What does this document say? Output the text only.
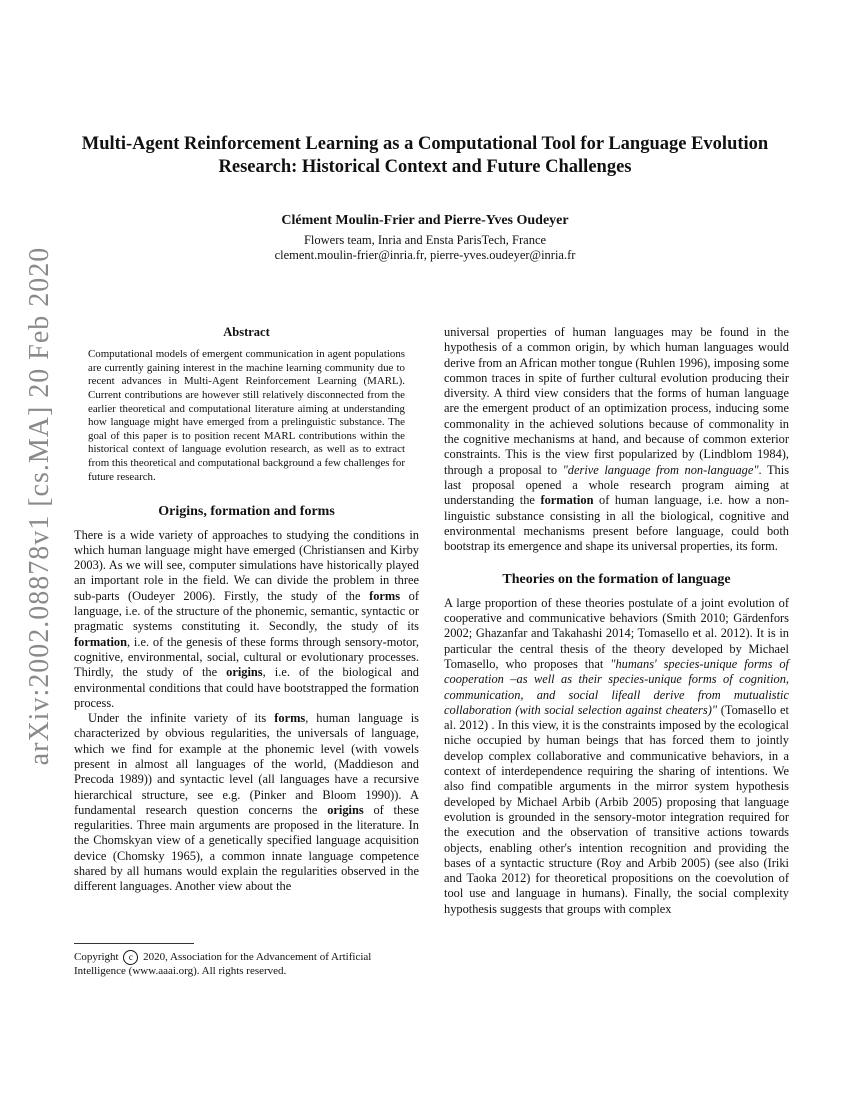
arXiv:2002.08878v1 [cs.MA] 20 Feb 2020
Multi-Agent Reinforcement Learning as a Computational Tool for Language Evolution Research: Historical Context and Future Challenges
Clément Moulin-Frier and Pierre-Yves Oudeyer
Flowers team, Inria and Ensta ParisTech, France
clement.moulin-frier@inria.fr, pierre-yves.oudeyer@inria.fr
Abstract

Computational models of emergent communication in agent populations are currently gaining interest in the machine learning community due to recent advances in Multi-Agent Reinforcement Learning (MARL). Current contributions are however still relatively disconnected from the earlier theoretical and computational literature aiming at understanding how language might have emerged from a prelinguistic substance. The goal of this paper is to position recent MARL contributions within the historical context of language evolution research, as well as to extract from this theoretical and computational background a few challenges for future research.

Origins, formation and forms

There is a wide variety of approaches to studying the conditions in which human language might have emerged (Christiansen and Kirby 2003). As we will see, computer simulations have historically played an important role in the field. We can divide the problem in three sub-parts (Oudeyer 2006). Firstly, the study of the forms of language, i.e. of the structure of the phonemic, semantic, syntactic or pragmatic systems constituting it. Secondly, the study of its formation, i.e. of the genesis of these forms through sensory-motor, cognitive, environmental, social, cultural or evolutionary processes. Thirdly, the study of the origins, i.e. of the biological and environmental conditions that could have bootstrapped the formation process.

Under the infinite variety of its forms, human language is characterized by obvious regularities, the universals of language, which we find for example at the phonemic level (with vowels present in almost all languages of the world, (Maddieson and Precoda 1989)) and syntactic level (all languages have a recursive hierarchical structure, see e.g. (Pinker and Bloom 1990)). A fundamental research question concerns the origins of these regularities. Three main arguments are proposed in the literature. In the Chomskyan view of a genetically specified language acquisition device (Chomsky 1965), a common innate language competence shared by all humans would explain the regularities observed in the different languages. Another view about the

Copyright c 2020, Association for the Advancement of Artificial Intelligence (www.aaai.org). All rights reserved.

universal properties of human languages may be found in the hypothesis of a common origin, by which human languages would derive from an African mother tongue (Ruhlen 1996), imposing some common traces in spite of further cultural evolution producing their diversity. A third view considers that the forms of human language are the emergent product of an optimization process, inducing some commonality in the achieved solutions because of commonality in the cognitive mechanisms at hand, and because of common exterior constraints. This is the view first popularized by (Lindblom 1984), through a proposal to "derive language from non-language". This last proposal opened a whole research program aiming at understanding the formation of human language, i.e. how a non-linguistic substance consisting in all the biological, cognitive and environmental mechanisms present before language, could both bootstrap its emergence and shape its universal properties, its form.

Theories on the formation of language

A large proportion of these theories postulate of a joint evolution of cooperative and communicative behaviors (Smith 2010; Gärdenfors 2002; Ghazanfar and Takahashi 2014; Tomasello et al. 2012). It is in particular the central thesis of the theory developed by Michael Tomasello, who proposes that "humans' species-unique forms of cooperation –as well as their species-unique forms of cognition, communication, and social lifeall derive from mutualistic collaboration (with social selection against cheaters)" (Tomasello et al. 2012) . In this view, it is the constraints imposed by the ecological niche occupied by human beings that has forced them to jointly develop complex collaborative and communicative behaviors, in a context of interdependence requiring the sharing of intentions. We also find compatible arguments in the mirror system hypothesis developed by Michael Arbib (Arbib 2005) proposing that language evolution is grounded in the sensory-motor integration required for the execution and the observation of transitive actions towards objects, enabling other's intention recognition and providing the bases of a syntactic structure (Roy and Arbib 2005) (see also (Iriki and Taoka 2012) for theoretical propositions on the coevolution of tool use and language in humans). Finally, the social complexity hypothesis suggests that groups with complex
